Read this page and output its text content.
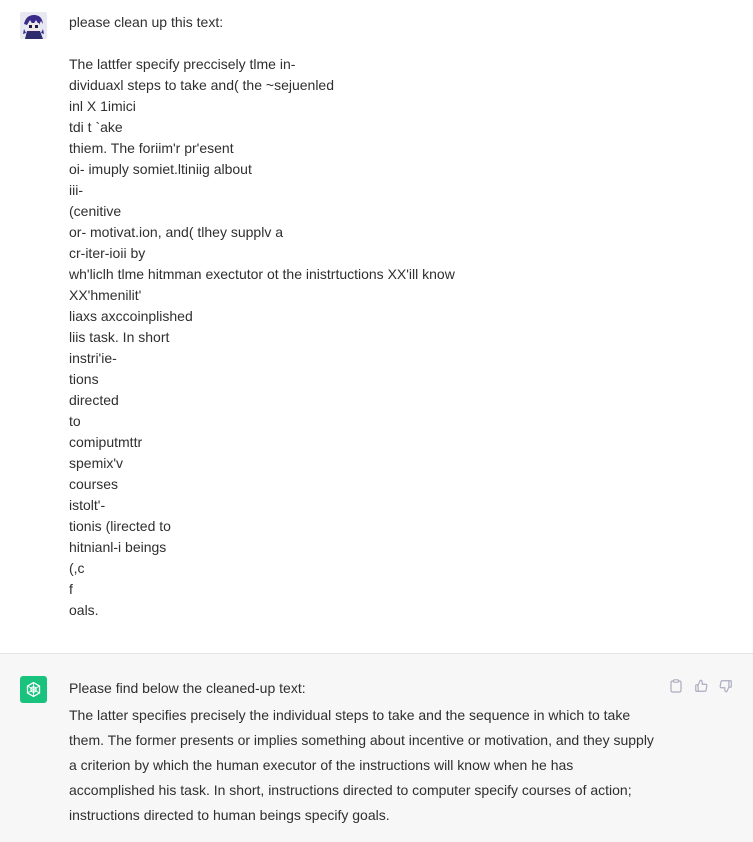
please clean up this text:
The lattfer specify preccisely tlme in-
dividuaxl steps to take and( the ~sejuenled
inl X 1imici
tdi t `ake
thiem. The foriim'r pr'esent
oi- imuply somiet.ltiniig albout
iii-
(cenitive
or- motivat.ion, and( tlhey supplv a
cr-iter-ioii by
wh'liclh tlme hitmman exectutor ot the inistrtuctions XX'ill know
XX'hmenilit'
liaxs axccoinplished
liis task. In short
instri'ie-
tions
directed
to
comiputmttr
spemix'v
courses
istolt'-
tionis (lirected to
hitnianl-i beings
(,c
f
oals.
Please find below the cleaned-up text:
The latter specifies precisely the individual steps to take and the sequence in which to take them. The former presents or implies something about incentive or motivation, and they supply a criterion by which the human executor of the instructions will know when he has accomplished his task. In short, instructions directed to computer specify courses of action; instructions directed to human beings specify goals.
